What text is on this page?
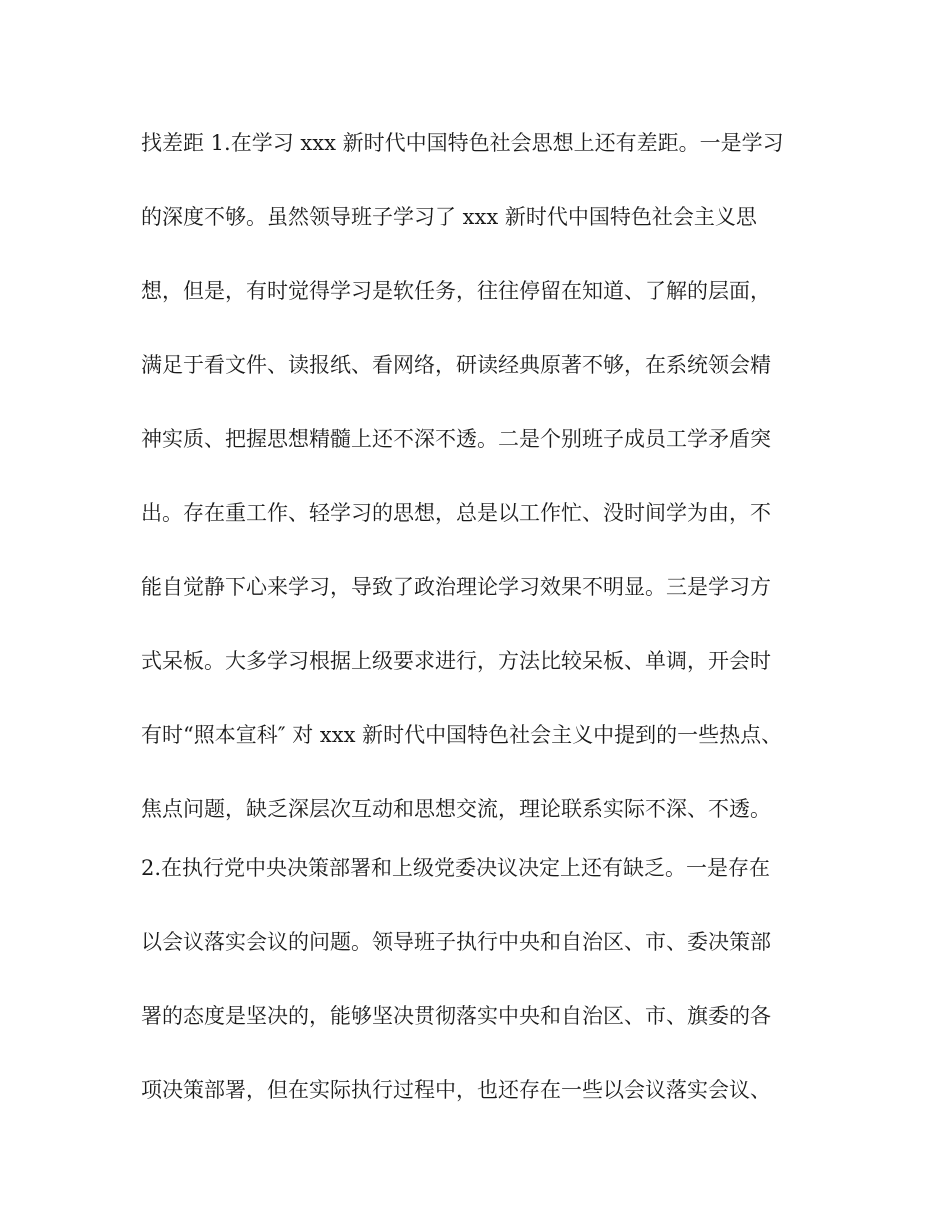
找差距 1.在学习 xxx 新时代中国特色社会思想上还有差距。一是学习
的深度不够。虽然领导班子学习了 xxx 新时代中国特色社会主义思
想，但是，有时觉得学习是软任务，往往停留在知道、了解的层面，
满足于看文件、读报纸、看网络，研读经典原著不够，在系统领会精
神实质、把握思想精髓上还不深不透。二是个别班子成员工学矛盾突
出。存在重工作、轻学习的思想，总是以工作忙、没时间学为由，不
能自觉静下心来学习，导致了政治理论学习效果不明显。三是学习方
式呆板。大多学习根据上级要求进行，方法比较呆板、单调，开会时
有时“照本宣科″ 对 xxx 新时代中国特色社会主义中提到的一些热点、
焦点问题，缺乏深层次互动和思想交流，理论联系实际不深、不透。
2.在执行党中央决策部署和上级党委决议决定上还有缺乏。一是存在
以会议落实会议的问题。领导班子执行中央和自治区、市、委决策部
署的态度是坚决的，能够坚决贯彻落实中央和自治区、市、旗委的各
项决策部署，但在实际执行过程中，也还存在一些以会议落实会议、
